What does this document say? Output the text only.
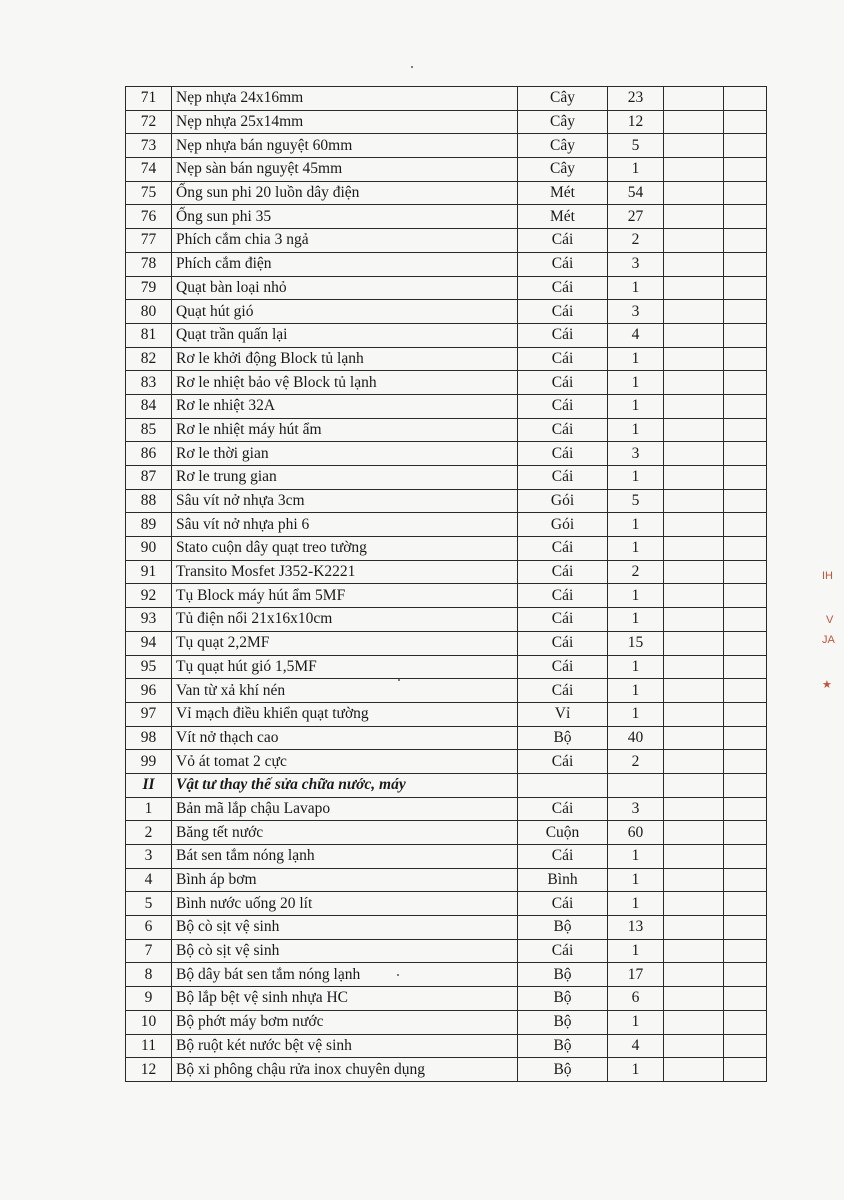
71	Nẹp nhựa 24x16mm	Cây	23		
72	Nẹp nhựa 25x14mm	Cây	12		
73	Nẹp nhựa bán nguyệt 60mm	Cây	5		
74	Nẹp sàn bán nguyệt 45mm	Cây	1		
75	Ống sun phi 20 luồn dây điện	Mét	54		
76	Ống sun phi 35	Mét	27		
77	Phích cắm chia 3 ngả	Cái	2		
78	Phích cắm điện	Cái	3		
79	Quạt bàn loại nhỏ	Cái	1		
80	Quạt hút gió	Cái	3		
81	Quạt trần quấn lại	Cái	4		
82	Rơ le khởi động Block tủ lạnh	Cái	1		
83	Rơ le nhiệt bảo vệ Block tủ lạnh	Cái	1		
84	Rơ le nhiệt 32A	Cái	1		
85	Rơ le nhiệt máy hút ẩm	Cái	1		
86	Rơ le thời gian	Cái	3		
87	Rơ le trung gian	Cái	1		
88	Sâu vít nở nhựa 3cm	Gói	5		
89	Sâu vít nở nhựa phi 6	Gói	1		
90	Stato cuộn dây quạt treo tường	Cái	1		
91	Transito Mosfet J352-K2221	Cái	2		
92	Tụ Block máy hút ẩm 5MF	Cái	1		
93	Tủ điện nổi 21x16x10cm	Cái	1		
94	Tụ quạt 2,2MF	Cái	15		
95	Tụ quạt hút gió 1,5MF	Cái	1		
96	Van từ xả khí nén	Cái	1		
97	Vỉ mạch điều khiển quạt tường	Vỉ	1		
98	Vít nở thạch cao	Bộ	40		
99	Vỏ át tomat 2 cực	Cái	2		
II	Vật tư thay thế sửa chữa nước, máy				
1	Bản mã lắp chậu Lavapo	Cái	3		
2	Băng tết nước	Cuộn	60		
3	Bát sen tắm nóng lạnh	Cái	1		
4	Bình áp bơm	Bình	1		
5	Bình nước uống 20 lít	Cái	1		
6	Bộ cò sịt vệ sinh	Bộ	13		
7	Bộ cò sịt vệ sinh	Cái	1		
8	Bộ dây bát sen tắm nóng lạnh	Bộ	17		
9	Bộ lắp bệt vệ sinh nhựa HC	Bộ	6		
10	Bộ phớt máy bơm nước	Bộ	1		
11	Bộ ruột két nước bệt vệ sinh	Bộ	4		
12	Bộ xi phông chậu rửa inox chuyên dụng	Bộ	1		
IH
V
JA
★
